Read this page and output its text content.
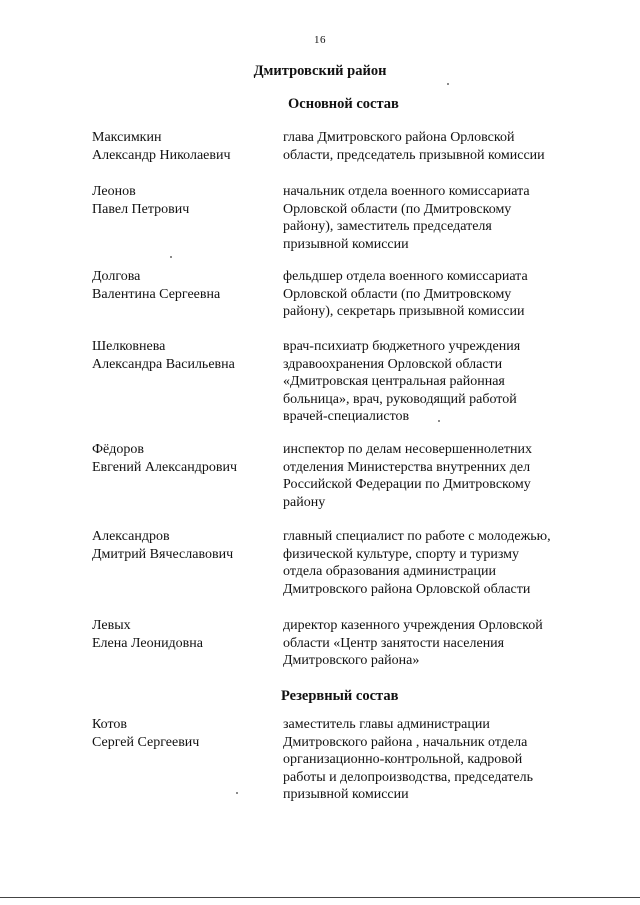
16
Дмитровский район
Основной состав
Максимкин
Александр Николаевич
глава Дмитровского района Орловской
области, председатель призывной комиссии
Леонов
Павел Петрович
начальник отдела военного комиссариата
Орловской области (по Дмитровскому
району), заместитель председателя
призывной комиссии
Долгова
Валентина Сергеевна
фельдшер отдела военного комиссариата
Орловской области (по Дмитровскому
району), секретарь призывной комиссии
Шелковнева
Александра Васильевна
врач-психиатр бюджетного учреждения
здравоохранения Орловской области
«Дмитровская центральная районная
больница», врач, руководящий работой
врачей-специалистов
Фёдоров
Евгений Александрович
инспектор по делам несовершеннолетних
отделения Министерства внутренних дел
Российской Федерации по Дмитровскому
району
Александров
Дмитрий Вячеславович
главный специалист по работе с молодежью,
физической культуре, спорту и туризму
отдела образования администрации
Дмитровского района Орловской области
Левых
Елена Леонидовна
директор казенного учреждения Орловской
области «Центр занятости населения
Дмитровского района»
Резервный состав
Котов
Сергей Сергеевич
заместитель главы администрации
Дмитровского района , начальник отдела
организационно-контрольной, кадровой
работы и делопроизводства, председатель
призывной комиссии
